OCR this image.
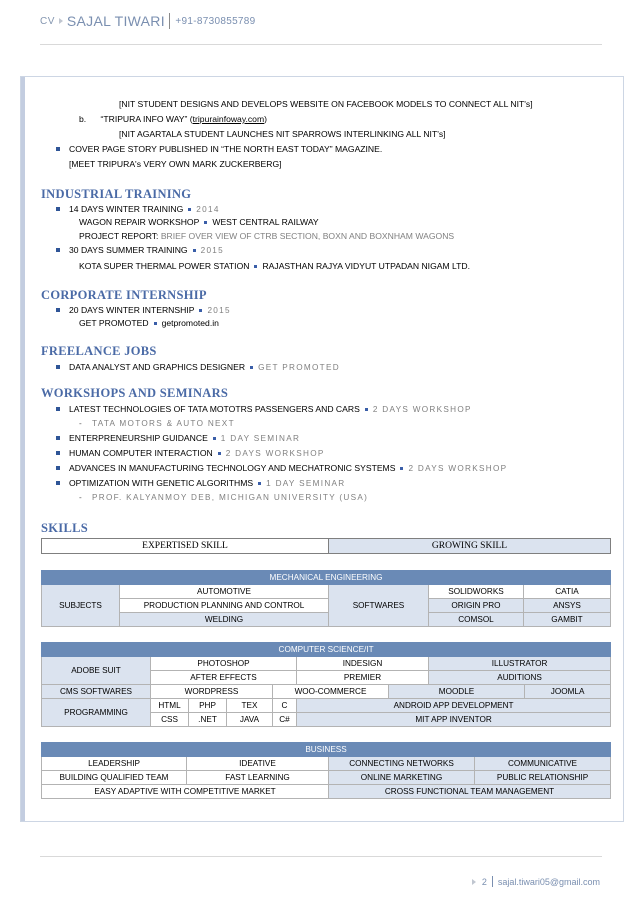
CV SAJAL TIWARI +91-8730855789
[NIT STUDENT DESIGNS AND DEVELOPS WEBSITE ON FACEBOOK MODELS TO CONNECT ALL NIT's]
b. “TRIPURA INFO WAY” (tripurainfoway.com)
[NIT AGARTALA STUDENT LAUNCHES NIT SPARROWS INTERLINKING ALL NIT's]
COVER PAGE STORY PUBLISHED IN “THE NORTH EAST TODAY” MAGAZINE.
[MEET TRIPURA's VERY OWN MARK ZUCKERBERG]
INDUSTRIAL TRAINING
14 DAYS WINTER TRAINING 2014
WAGON REPAIR WORKSHOP WEST CENTRAL RAILWAY
PROJECT REPORT: BRIEF OVER VIEW OF CTRB SECTION, BOXN AND BOXNHAM WAGONS
30 DAYS SUMMER TRAINING 2015
KOTA SUPER THERMAL POWER STATION RAJASTHAN RAJYA VIDYUT UTPADAN NIGAM LTD.
CORPORATE INTERNSHIP
20 DAYS WINTER INTERNSHIP 2015
GET PROMOTED getpromoted.in
FREELANCE JOBS
DATA ANALYST AND GRAPHICS DESIGNER GET PROMOTED
WORKSHOPS AND SEMINARS
LATEST TECHNOLOGIES OF TATA MOTOTRS PASSENGERS AND CARS 2 DAYS WORKSHOP
- TATA MOTORS & AUTO NEXT
ENTERPRENEURSHIP GUIDANCE 1 DAY SEMINAR
HUMAN COMPUTER INTERACTION 2 DAYS WORKSHOP
ADVANCES IN MANUFACTURING TECHNOLOGY AND MECHATRONIC SYSTEMS 2 DAYS WORKSHOP
OPTIMIZATION WITH GENETIC ALGORITHMS 1 DAY SEMINAR
- PROF. KALYANMOY DEB, MICHIGAN UNIVERSITY (USA)
SKILLS
EXPERTISED SKILL	GROWING SKILL
MECHANICAL ENGINEERING				
SUBJECTS	AUTOMOTIVE	SOFTWARES	SOLIDWORKS	CATIA
	PRODUCTION PLANNING AND CONTROL		ORIGIN PRO	ANSYS
	WELDING		COMSOL	GAMBIT
COMPUTER SCIENCE/IT								
ADOBE SUIT	PHOTOSHOP				INDESIGN		ILLUSTRATOR	
	AFTER EFFECTS				PREMIER		AUDITIONS	
CMS SOFTWARES	WORDPRESS			WOO-COMMERCE		MOODLE		JOOMLA
PROGRAMMING	HTML	PHP	TEX	C	ANDROID APP DEVELOPMENT			
	CSS	.NET	JAVA	C#	MIT APP INVENTOR			
BUSINESS			
LEADERSHIP	IDEATIVE	CONNECTING NETWORKS	COMMUNICATIVE
BUILDING QUALIFIED TEAM	FAST LEARNING	ONLINE MARKETING	PUBLIC RELATIONSHIP
EASY ADAPTIVE WITH COMPETITIVE MARKET		CROSS FUNCTIONAL TEAM MANAGEMENT	
2 sajal.tiwari05@gmail.com
